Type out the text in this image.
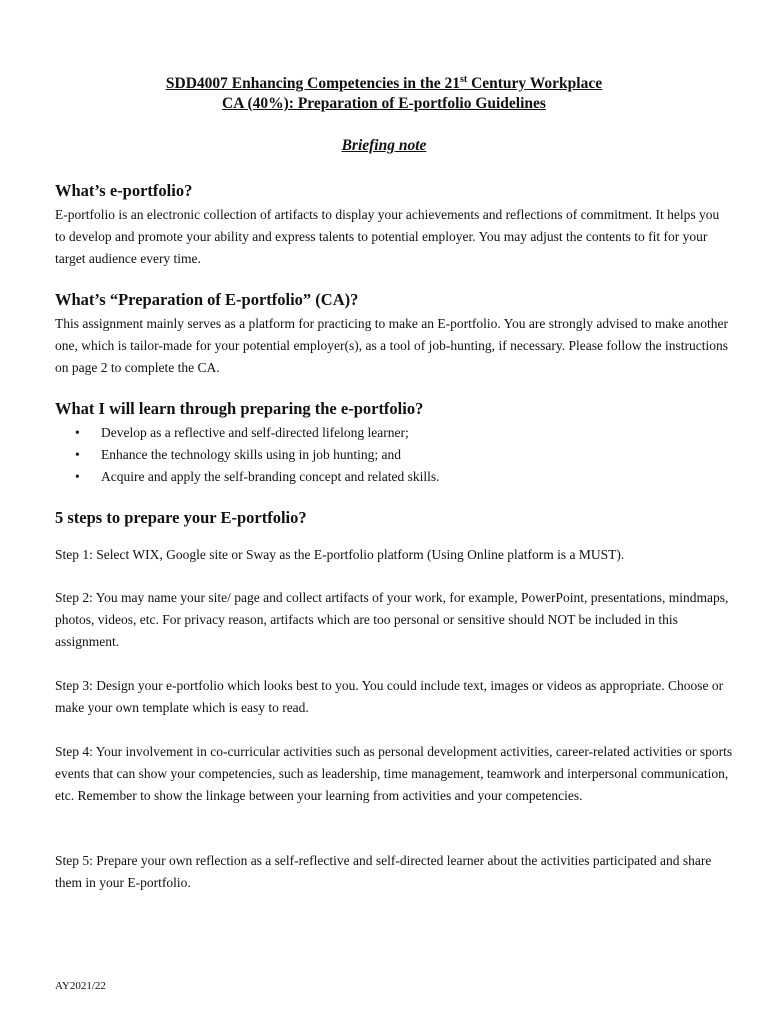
SDD4007 Enhancing Competencies in the 21st Century Workplace
CA (40%): Preparation of E-portfolio Guidelines
Briefing note
What’s e-portfolio?

E-portfolio is an electronic collection of artifacts to display your achievements and reflections of commitment. It helps you to develop and promote your ability and express talents to potential employer. You may adjust the contents to fit for your target audience every time.

What’s “Preparation of E-portfolio” (CA)?

This assignment mainly serves as a platform for practicing to make an E-portfolio. You are strongly advised to make another one, which is tailor-made for your potential employer(s), as a tool of job-hunting, if necessary. Please follow the instructions on page 2 to complete the CA.

What I will learn through preparing the e-portfolio?
• Develop as a reflective and self-directed lifelong learner;
• Enhance the technology skills using in job hunting; and
• Acquire and apply the self-branding concept and related skills.
5 steps to prepare your E-portfolio?

Step 1: Select WIX, Google site or Sway as the E-portfolio platform (Using Online platform is a MUST).

Step 2: You may name your site/ page and collect artifacts of your work, for example, PowerPoint, presentations, mindmaps, photos, videos, etc. For privacy reason, artifacts which are too personal or sensitive should NOT be included in this assignment.

Step 3: Design your e-portfolio which looks best to you. You could include text, images or videos as appropriate. Choose or make your own template which is easy to read.

Step 4: Your involvement in co-curricular activities such as personal development activities, career-related activities or sports events that can show your competencies, such as leadership, time management, teamwork and interpersonal communication, etc. Remember to show the linkage between your learning from activities and your competencies.

Step 5: Prepare your own reflection as a self-reflective and self-directed learner about the activities participated and share them in your E-portfolio.

AY2021/22
